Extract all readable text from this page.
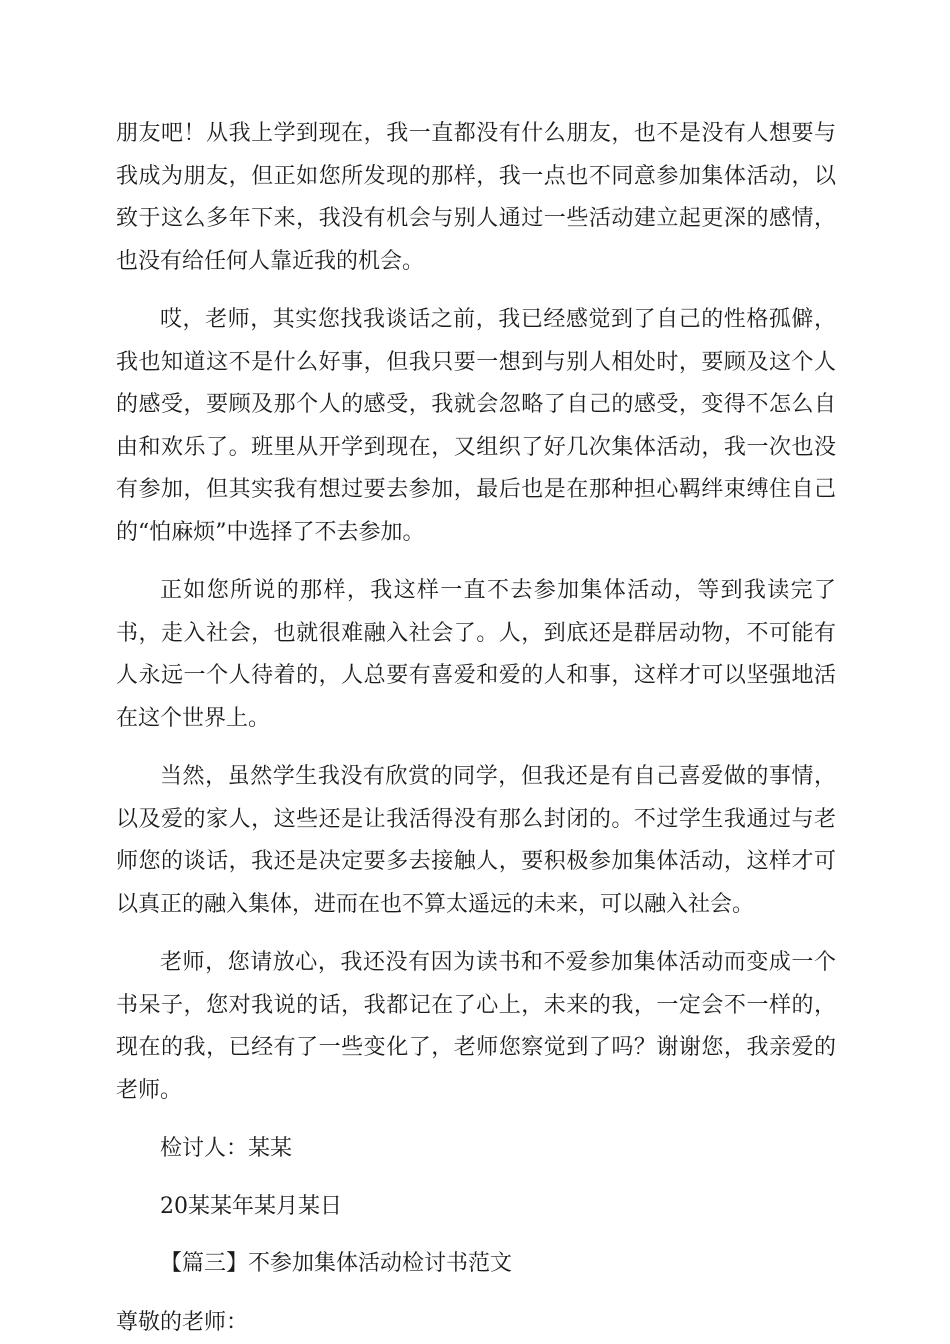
朋友吧！从我上学到现在，我一直都没有什么朋友，也不是没有人想要与我成为朋友，但正如您所发现的那样，我一点也不同意参加集体活动，以致于这么多年下来，我没有机会与别人通过一些活动建立起更深的感情，也没有给任何人靠近我的机会。

哎，老师，其实您找我谈话之前，我已经感觉到了自己的性格孤僻，我也知道这不是什么好事，但我只要一想到与别人相处时，要顾及这个人的感受，要顾及那个人的感受，我就会忽略了自己的感受，变得不怎么自由和欢乐了。班里从开学到现在，又组织了好几次集体活动，我一次也没有参加，但其实我有想过要去参加，最后也是在那种担心羁绊束缚住自己的“怕麻烦”中选择了不去参加。

正如您所说的那样，我这样一直不去参加集体活动，等到我读完了书，走入社会，也就很难融入社会了。人，到底还是群居动物，不可能有人永远一个人待着的，人总要有喜爱和爱的人和事，这样才可以坚强地活在这个世界上。

当然，虽然学生我没有欣赏的同学，但我还是有自己喜爱做的事情，以及爱的家人，这些还是让我活得没有那么封闭的。不过学生我通过与老师您的谈话，我还是决定要多去接触人，要积极参加集体活动，这样才可以真正的融入集体，进而在也不算太遥远的未来，可以融入社会。

老师，您请放心，我还没有因为读书和不爱参加集体活动而变成一个书呆子，您对我说的话，我都记在了心上，未来的我，一定会不一样的，现在的我，已经有了一些变化了，老师您察觉到了吗？谢谢您，我亲爱的老师。

检讨人：某某

20某某年某月某日

【篇三】不参加集体活动检讨书范文

尊敬的老师：
